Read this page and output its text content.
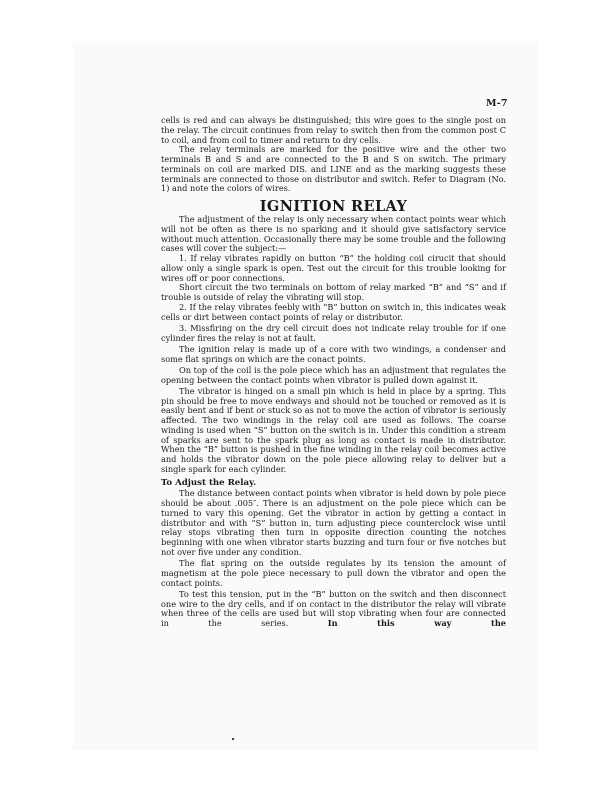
M-7

cells is red and can always be distinguished; this wire goes to the single post on the relay. The circuit continues from relay to switch then from the common post C to coil, and from coil to timer and return to dry cells.

The relay terminals are marked for the positive wire and the other two terminals B and S and are connected to the B and S on switch. The primary terminals on coil are marked DIS. and LINE and as the marking suggests these terminals are connected to those on distributor and switch. Refer to Diagram (No. 1) and note the colors of wires.

IGNITION RELAY

The adjustment of the relay is only necessary when contact points wear which will not be often as there is no sparking and it should give satisfactory service without much attention. Occasionally there may be some trouble and the following cases will cover the subject:—

1. If relay vibrates rapidly on button “B” the holding coil cirucit that should allow only a single spark is open. Test out the circuit for this trouble looking for wires off or poor connections.

Short circuit the two terminals on bottom of relay marked “B” and “S” and if trouble is outside of relay the vibrating will stop.

2. If the relay vibrates feebly with “B” button on switch in, this indicates weak cells or dirt between contact points of relay or distributor.

3. Missfiring on the dry cell circuit does not indicate relay trouble for if one cylinder fires the relay is not at fault.

The ignition relay is made up of a core with two windings, a condenser and some flat springs on which are the conact points.

On top of the coil is the pole piece which has an adjustment that regulates the opening between the contact points when vibrator is pulled down against it.

The vibrator is hinged on a small pin which is held in place by a spring. This pin should be free to move endways and should not be touched or removed as it is easily bent and if bent or stuck so as not to move the action of vibrator is seriously affected. The two windings in the relay coil are used as follows. The coarse winding is used when “S” button on the switch is in. Under this condition a stream of sparks are sent to the spark plug as long as contact is made in distributor. When the “B” button is pushed in the fine winding in the relay coil becomes active and holds the vibrator down on the pole piece allowing relay to deliver but a single spark for each cylinder.

To Adjust the Relay.

The distance between contact points when vibrator is held down by pole piece should be about .005″. There is an adjustment on the pole piece which can be turned to vary this opening. Get the vibrator in action by getting a contact in distributor and with “S” button in, turn adjusting piece counterclock wise until relay stops vibrating then turn in opposite direction counting the notches beginning with one when vibrator starts buzzing and turn four or five notches but not over five under any condition.

The flat spring on the outside regulates by its tension the amount of magnetism at the pole piece necessary to pull down the vibrator and open the contact points.

To test this tension, put in the “B” button on the switch and then disconnect one wire to the dry cells, and if on contact in the distributor the relay will vibrate when three of the cells are used but will stop vibrating when four are connected in the series. In this way the
